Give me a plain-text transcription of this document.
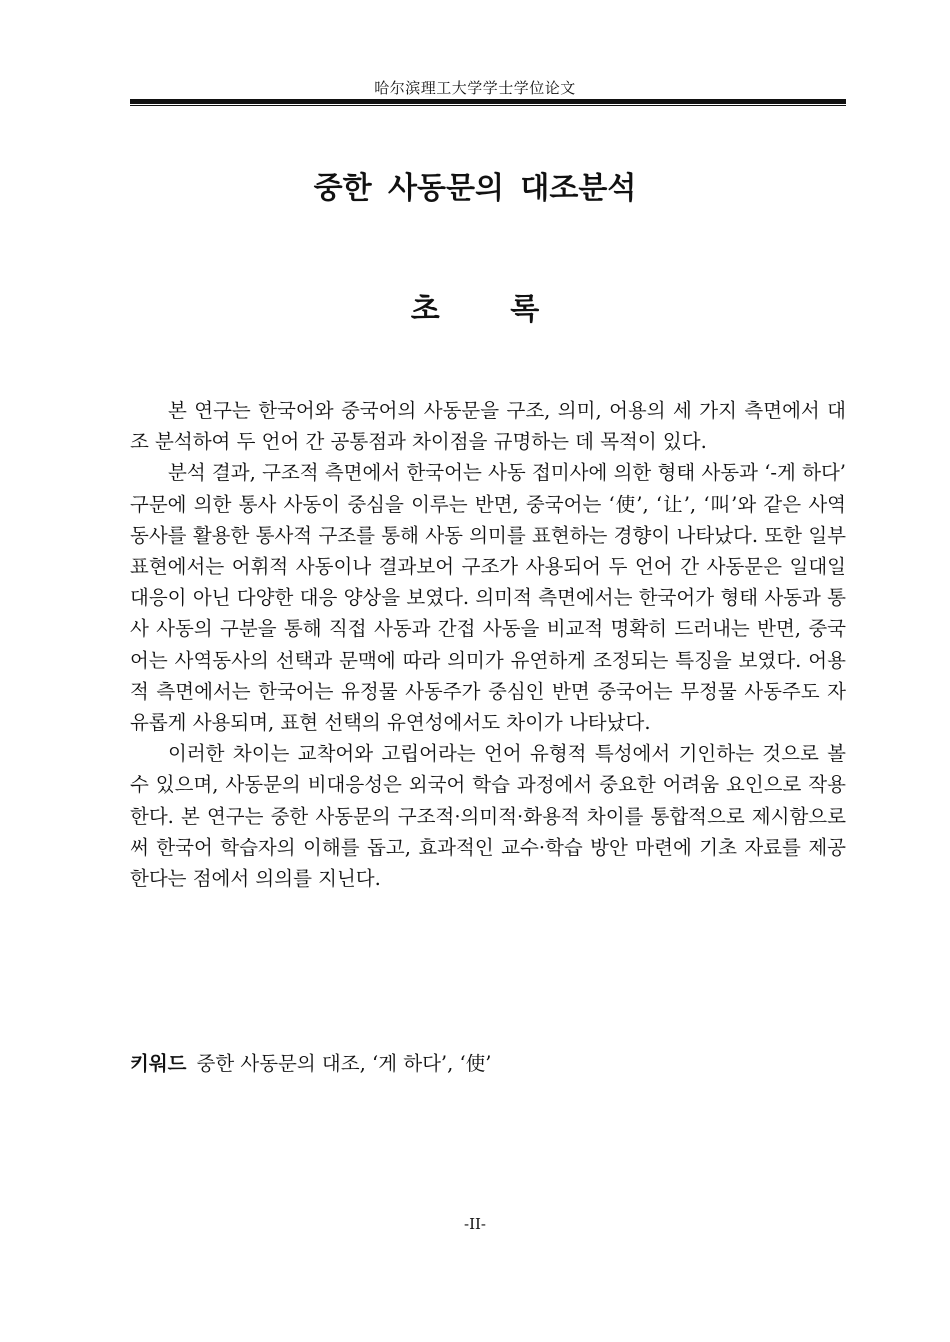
哈尔滨理工大学学士学位论文
중한 사동문의 대조분석
초 록

본 연구는 한국어와 중국어의 사동문을 구조, 의미, 어용의 세 가지 측면에서 대조 분석하여 두 언어 간 공통점과 차이점을 규명하는 데 목적이 있다.

분석 결과, 구조적 측면에서 한국어는 사동 접미사에 의한 형태 사동과 ‘-게 하다’ 구문에 의한 통사 사동이 중심을 이루는 반면, 중국어는 ‘使’, ‘让’, ‘叫’와 같은 사역 동사를 활용한 통사적 구조를 통해 사동 의미를 표현하는 경향이 나타났다. 또한 일부 표현에서는 어휘적 사동이나 결과보어 구조가 사용되어 두 언어 간 사동문은 일대일 대응이 아닌 다양한 대응 양상을 보였다. 의미적 측면에서는 한국어가 형태 사동과 통사 사동의 구분을 통해 직접 사동과 간접 사동을 비교적 명확히 드러내는 반면, 중국어는 사역동사의 선택과 문맥에 따라 의미가 유연하게 조정되는 특징을 보였다. 어용적 측면에서는 한국어는 유정물 사동주가 중심인 반면 중국어는 무정물 사동주도 자유롭게 사용되며, 표현 선택의 유연성에서도 차이가 나타났다.

이러한 차이는 교착어와 고립어라는 언어 유형적 특성에서 기인하는 것으로 볼 수 있으며, 사동문의 비대응성은 외국어 학습 과정에서 중요한 어려움 요인으로 작용한다. 본 연구는 중한 사동문의 구조적·의미적·화용적 차이를 통합적으로 제시함으로써 한국어 학습자의 이해를 돕고, 효과적인 교수·학습 방안 마련에 기초 자료를 제공한다는 점에서 의의를 지닌다.

키워드 중한 사동문의 대조, ‘게 하다’, ‘使’
-II-
